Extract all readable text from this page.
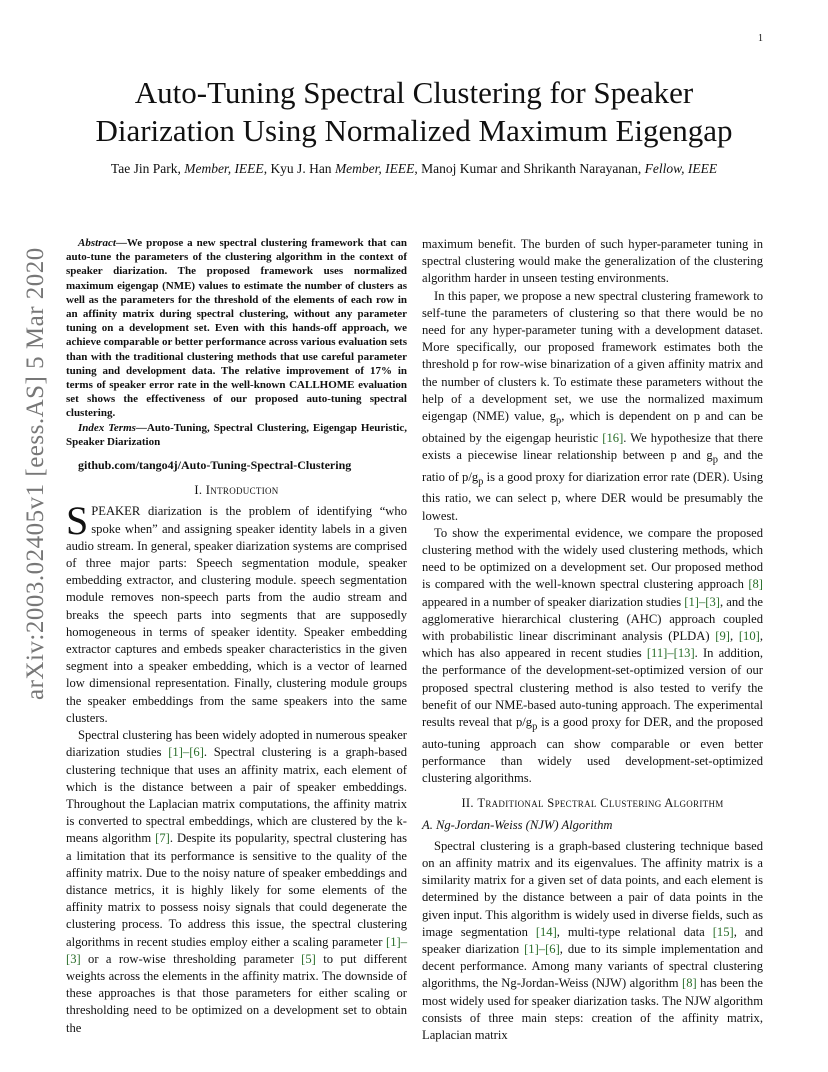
1
arXiv:2003.02405v1 [eess.AS] 5 Mar 2020
Auto-Tuning Spectral Clustering for Speaker
Diarization Using Normalized Maximum Eigengap
Tae Jin Park, Member, IEEE, Kyu J. Han Member, IEEE, Manoj Kumar and Shrikanth Narayanan, Fellow, IEEE

Abstract—We propose a new spectral clustering framework that can auto-tune the parameters of the clustering algorithm in the context of speaker diarization. The proposed framework uses normalized maximum eigengap (NME) values to estimate the number of clusters as well as the parameters for the threshold of the elements of each row in an affinity matrix during spectral clustering, without any parameter tuning on a development set. Even with this hands-off approach, we achieve comparable or better performance across various evaluation sets than with the traditional clustering methods that use careful parameter tuning and development data. The relative improvement of 17% in terms of speaker error rate in the well-known CALLHOME evaluation set shows the effectiveness of our proposed auto-tuning spectral clustering.

Index Terms—Auto-Tuning, Spectral Clustering, Eigengap Heuristic, Speaker Diarization

github.com/tango4j/Auto-Tuning-Spectral-Clustering
I. Introduction

SPEAKER diarization is the problem of identifying “who spoke when” and assigning speaker identity labels in a given audio stream. In general, speaker diarization systems are comprised of three major parts: Speech segmentation module, speaker embedding extractor, and clustering module. speech segmentation module removes non-speech parts from the audio stream and breaks the speech parts into segments that are supposedly homogeneous in terms of speaker identity. Speaker embedding extractor captures and embeds speaker characteristics in the given segment into a speaker embedding, which is a vector of learned low dimensional representation. Finally, clustering module groups the speaker embeddings from the same speakers into the same clusters.

Spectral clustering has been widely adopted in numerous speaker diarization studies [1]–[6]. Spectral clustering is a graph-based clustering technique that uses an affinity matrix, each element of which is the distance between a pair of speaker embeddings. Throughout the Laplacian matrix computations, the affinity matrix is converted to spectral embeddings, which are clustered by the k-means algorithm [7]. Despite its popularity, spectral clustering has a limitation that its performance is sensitive to the quality of the affinity matrix. Due to the noisy nature of speaker embeddings and distance metrics, it is highly likely for some elements of the affinity matrix to possess noisy signals that could degenerate the clustering process. To address this issue, the spectral clustering algorithms in recent studies employ either a scaling parameter [1]–[3] or a row-wise thresholding parameter [5] to put different weights across the elements in the affinity matrix. The downside of these approaches is that those parameters for either scaling or thresholding need to be optimized on a development set to obtain the

maximum benefit. The burden of such hyper-parameter tuning in spectral clustering would make the generalization of the clustering algorithm harder in unseen testing environments.

In this paper, we propose a new spectral clustering framework to self-tune the parameters of clustering so that there would be no need for any hyper-parameter tuning with a development dataset. More specifically, our proposed framework estimates both the threshold p for row-wise binarization of a given affinity matrix and the number of clusters k. To estimate these parameters without the help of a development set, we use the normalized maximum eigengap (NME) value, $g_p$, which is dependent on p and can be obtained by the eigengap heuristic [16]. We hypothesize that there exists a piecewise linear relationship between p and $g_p$ and the ratio of $p/g_p$ is a good proxy for diarization error rate (DER). Using this ratio, we can select p, where DER would be presumably the lowest.

To show the experimental evidence, we compare the proposed clustering method with the widely used clustering methods, which need to be optimized on a development set. Our proposed method is compared with the well-known spectral clustering approach [8] appeared in a number of speaker diarization studies [1]–[3], and the agglomerative hierarchical clustering (AHC) approach coupled with probabilistic linear discriminant analysis (PLDA) [9], [10], which has also appeared in recent studies [11]–[13]. In addition, the performance of the development-set-optimized version of our proposed spectral clustering method is also tested to verify the benefit of our NME-based auto-tuning approach. The experimental results reveal that $p/g_p$ is a good proxy for DER, and the proposed auto-tuning approach can show comparable or even better performance than widely used development-set-optimized clustering algorithms.

II. Traditional Spectral Clustering Algorithm
A. Ng-Jordan-Weiss (NJW) Algorithm

Spectral clustering is a graph-based clustering technique based on an affinity matrix and its eigenvalues. The affinity matrix is a similarity matrix for a given set of data points, and each element is determined by the distance between a pair of data points in the given input. This algorithm is widely used in diverse fields, such as image segmentation [14], multi-type relational data [15], and speaker diarization [1]–[6], due to its simple implementation and decent performance. Among many variants of spectral clustering algorithms, the Ng-Jordan-Weiss (NJW) algorithm [8] has been the most widely used for speaker diarization tasks. The NJW algorithm consists of three main steps: creation of the affinity matrix, Laplacian matrix
